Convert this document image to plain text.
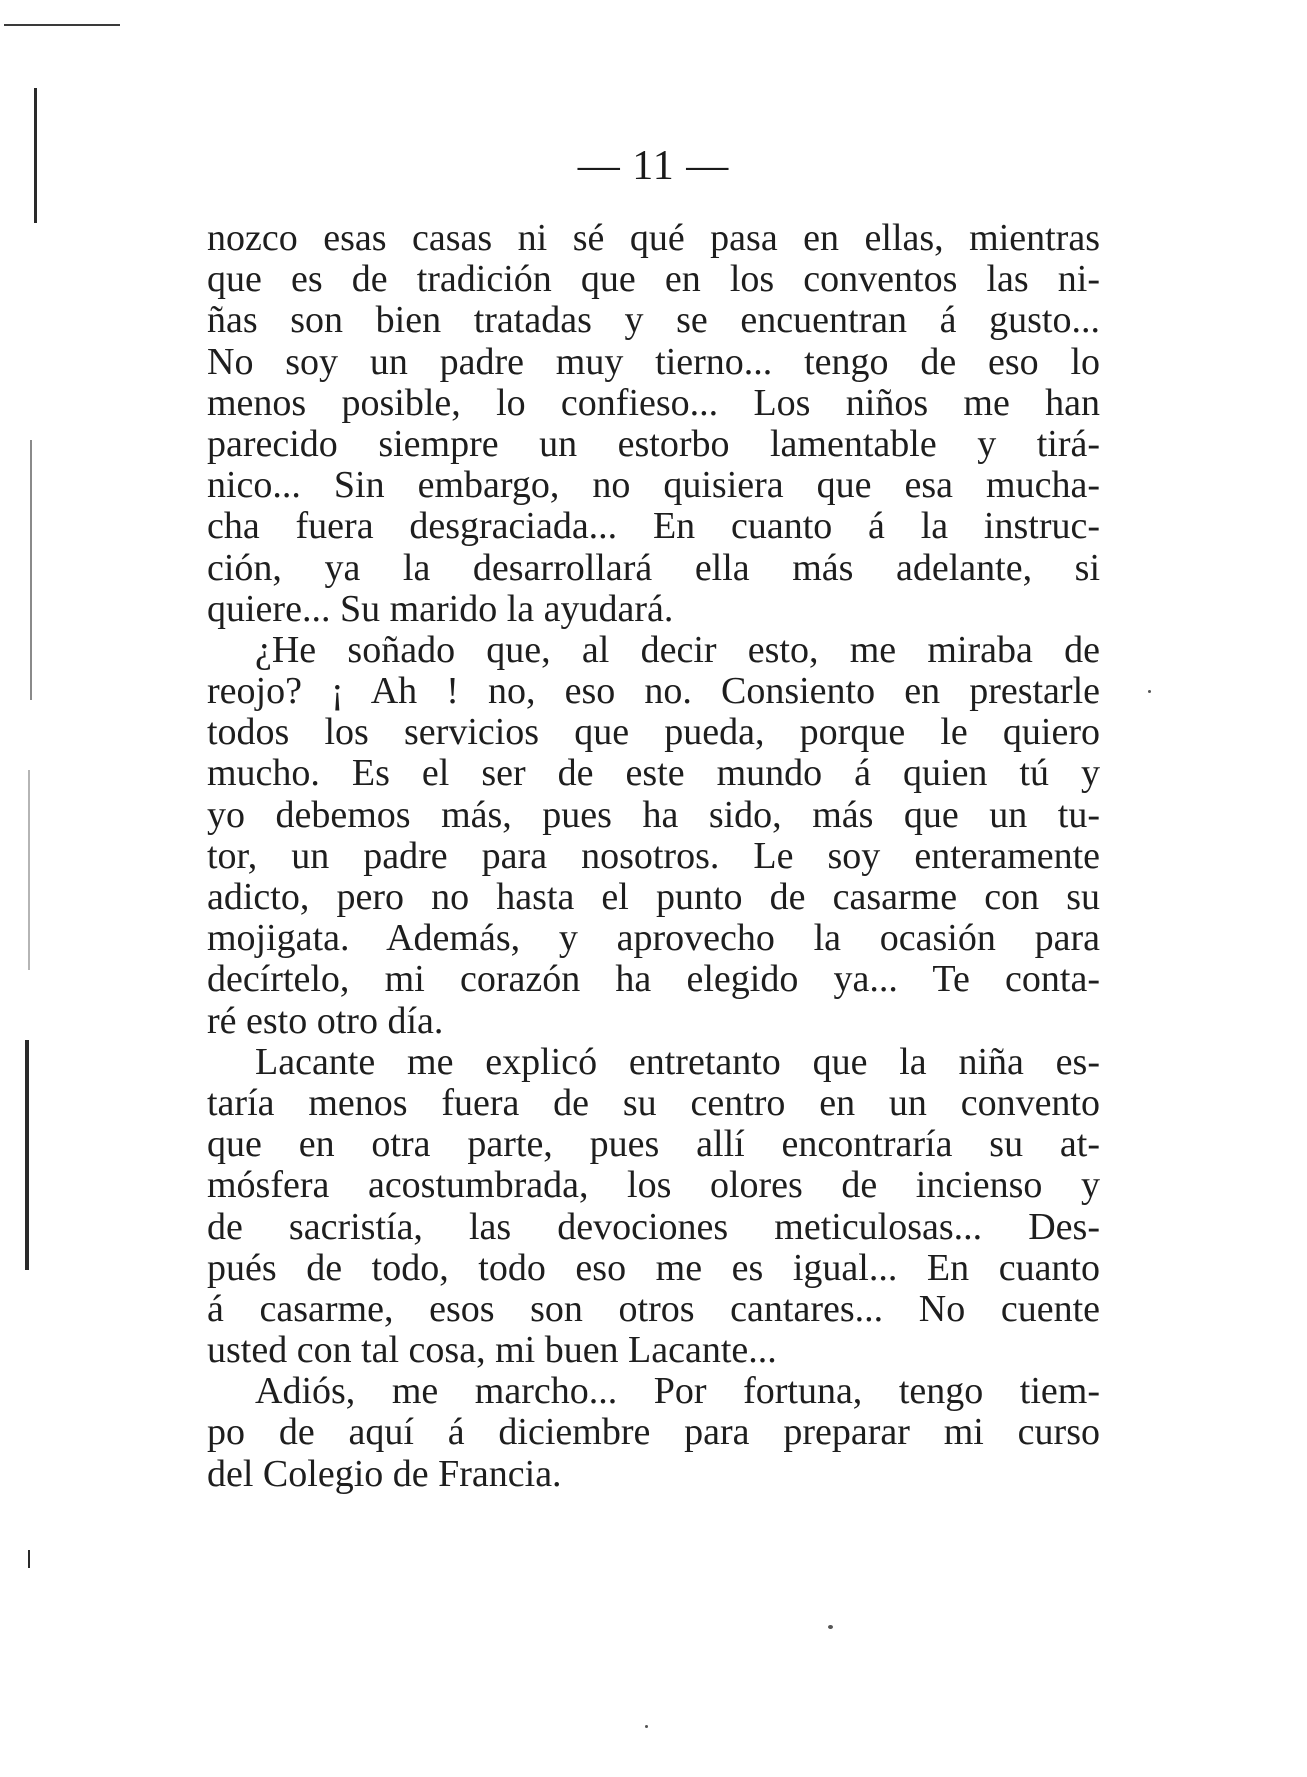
— 11 —
nozco esas casas ni sé qué pasa en ellas, mientras
que es de tradición que en los conventos las ni-
ñas son bien tratadas y se encuentran á gusto...
No soy un padre muy tierno... tengo de eso lo
menos posible, lo confieso... Los niños me han
parecido siempre un estorbo lamentable y tirá-
nico... Sin embargo, no quisiera que esa mucha-
cha fuera desgraciada... En cuanto á la instruc-
ción, ya la desarrollará ella más adelante, si
quiere... Su marido la ayudará.
¿He soñado que, al decir esto, me miraba de
reojo? ¡ Ah ! no, eso no. Consiento en prestarle
todos los servicios que pueda, porque le quiero
mucho. Es el ser de este mundo á quien tú y
yo debemos más, pues ha sido, más que un tu-
tor, un padre para nosotros. Le soy enteramente
adicto, pero no hasta el punto de casarme con su
mojigata. Además, y aprovecho la ocasión para
decírtelo, mi corazón ha elegido ya... Te conta-
ré esto otro día.
Lacante me explicó entretanto que la niña es-
taría menos fuera de su centro en un convento
que en otra parte, pues allí encontraría su at-
mósfera acostumbrada, los olores de incienso y
de sacristía, las devociones meticulosas... Des-
pués de todo, todo eso me es igual... En cuanto
á casarme, esos son otros cantares... No cuente
usted con tal cosa, mi buen Lacante...
Adiós, me marcho... Por fortuna, tengo tiem-
po de aquí á diciembre para preparar mi curso
del Colegio de Francia.
